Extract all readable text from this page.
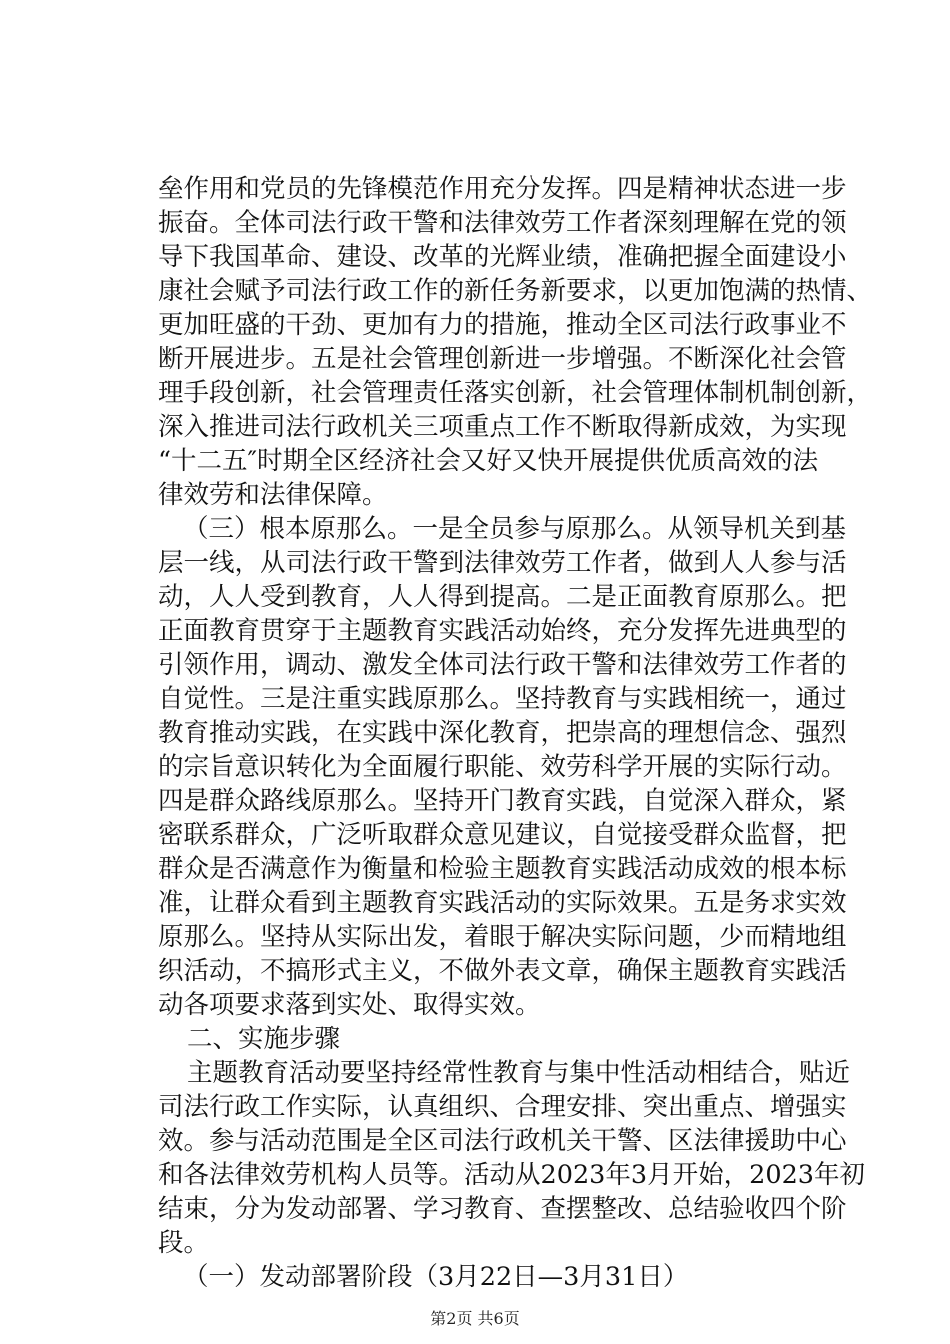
垒作用和党员的先锋模范作用充分发挥。四是精神状态进一步
振奋。全体司法行政干警和法律效劳工作者深刻理解在党的领
导下我国革命、建设、改革的光辉业绩，准确把握全面建设小
康社会赋予司法行政工作的新任务新要求，以更加饱满的热情、
更加旺盛的干劲、更加有力的措施，推动全区司法行政事业不
断开展进步。五是社会管理创新进一步增强。不断深化社会管
理手段创新，社会管理责任落实创新，社会管理体制机制创新，
深入推进司法行政机关三项重点工作不断取得新成效，为实现
“十二五″时期全区经济社会又好又快开展提供优质高效的法
律效劳和法律保障。
（三）根本原那么。一是全员参与原那么。从领导机关到基
层一线，从司法行政干警到法律效劳工作者，做到人人参与活
动，人人受到教育，人人得到提高。二是正面教育原那么。把
正面教育贯穿于主题教育实践活动始终，充分发挥先进典型的
引领作用，调动、激发全体司法行政干警和法律效劳工作者的
自觉性。三是注重实践原那么。坚持教育与实践相统一，通过
教育推动实践，在实践中深化教育，把崇高的理想信念、强烈
的宗旨意识转化为全面履行职能、效劳科学开展的实际行动。
四是群众路线原那么。坚持开门教育实践，自觉深入群众，紧
密联系群众，广泛听取群众意见建议，自觉接受群众监督，把
群众是否满意作为衡量和检验主题教育实践活动成效的根本标
准，让群众看到主题教育实践活动的实际效果。五是务求实效
原那么。坚持从实际出发，着眼于解决实际问题，少而精地组
织活动，不搞形式主义，不做外表文章，确保主题教育实践活
动各项要求落到实处、取得实效。
二、实施步骤
主题教育活动要坚持经常性教育与集中性活动相结合，贴近
司法行政工作实际，认真组织、合理安排、突出重点、增强实
效。参与活动范围是全区司法行政机关干警、区法律援助中心
和各法律效劳机构人员等。活动从2023年3月开始，2023年初
结束，分为发动部署、学习教育、查摆整改、总结验收四个阶
段。
（一）发动部署阶段（3月22日—3月31日）
第2页 共6页
